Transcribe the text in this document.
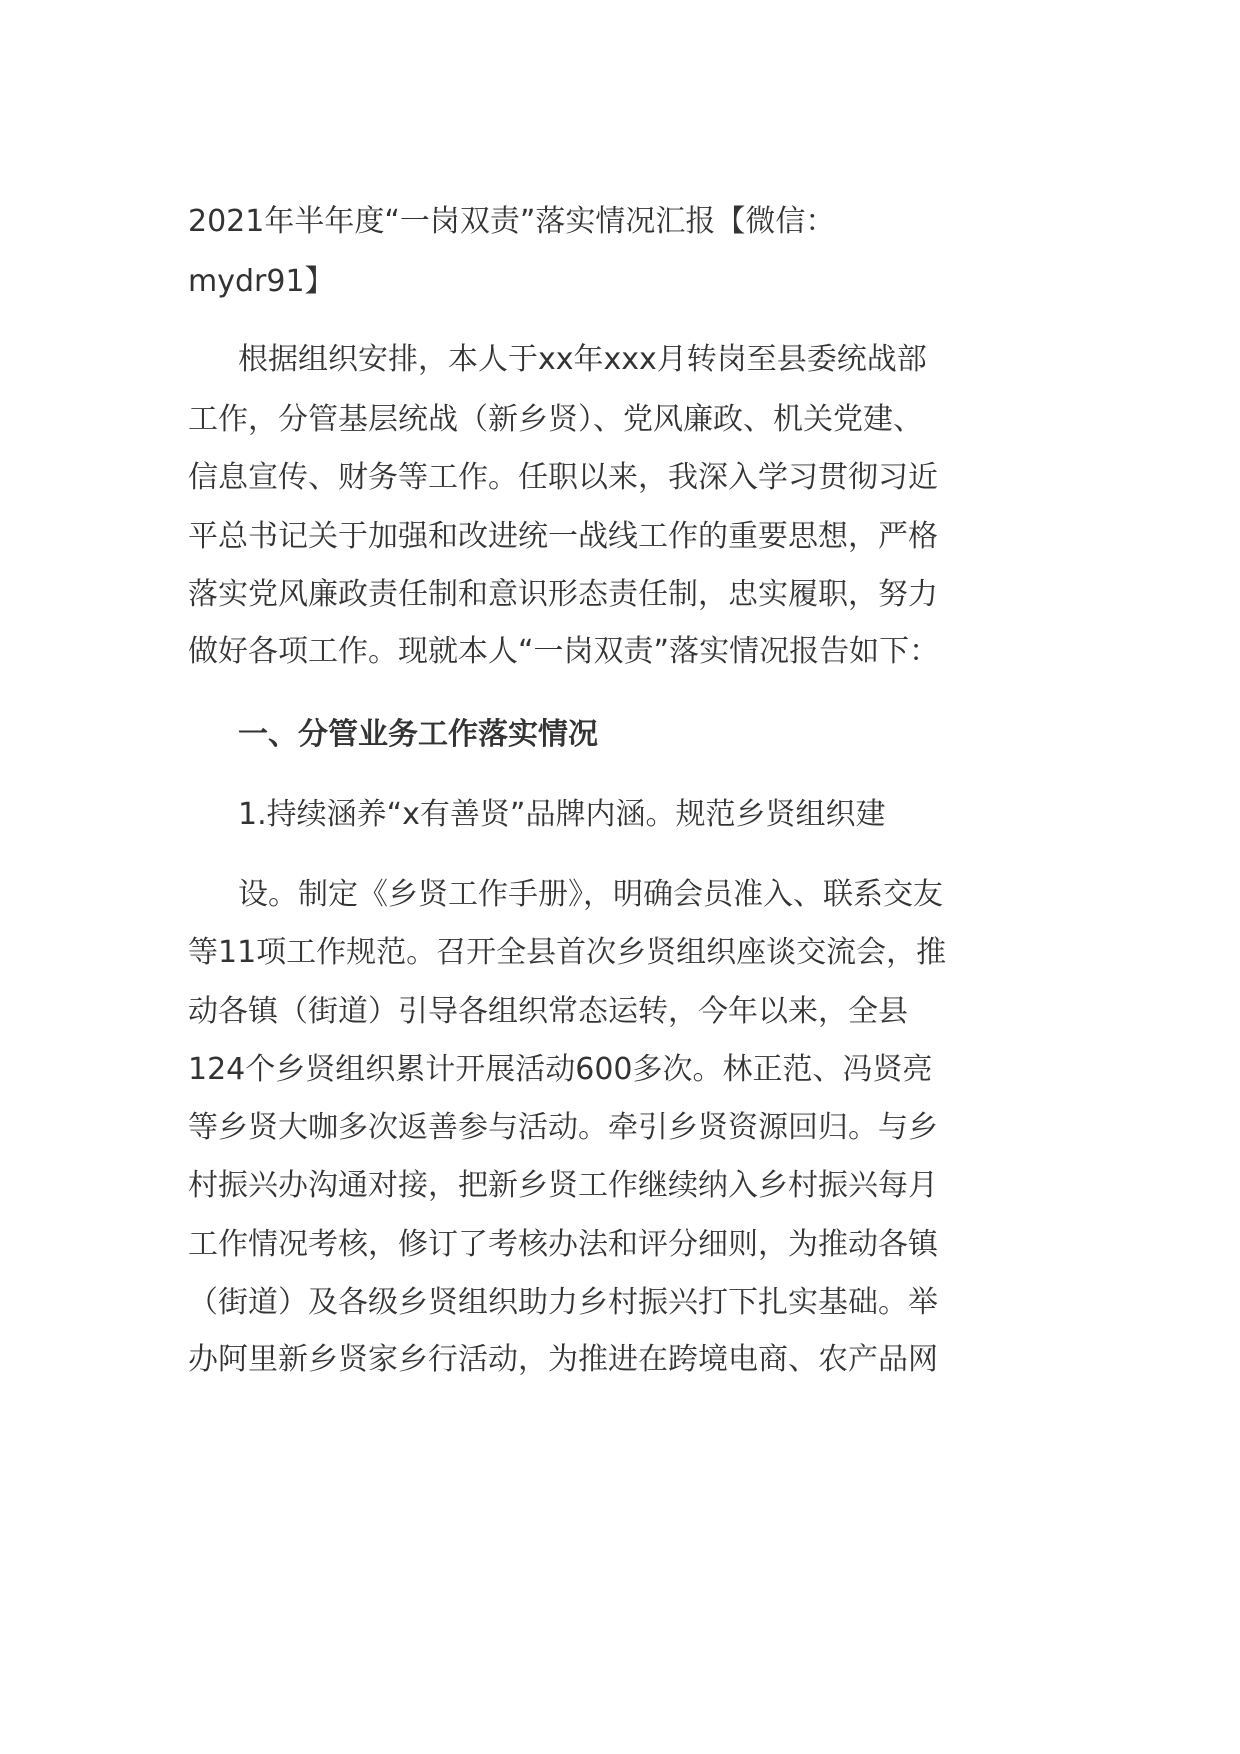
2021年半年度“一岗双责”落实情况汇报【微信：
mydr91】
根据组织安排，本人于xx年xxx月转岗至县委统战部
工作，分管基层统战（新乡贤）、党风廉政、机关党建、
信息宣传、财务等工作。任职以来，我深入学习贯彻习近
平总书记关于加强和改进统一战线工作的重要思想，严格
落实党风廉政责任制和意识形态责任制，忠实履职，努力
做好各项工作。现就本人“一岗双责”落实情况报告如下：
一、分管业务工作落实情况
1.持续涵养“x有善贤”品牌内涵。规范乡贤组织建
设。制定《乡贤工作手册》，明确会员准入、联系交友
等11项工作规范。召开全县首次乡贤组织座谈交流会，推
动各镇（街道）引导各组织常态运转，今年以来，全县
124个乡贤组织累计开展活动600多次。林正范、冯贤亮
等乡贤大咖多次返善参与活动。牵引乡贤资源回归。与乡
村振兴办沟通对接，把新乡贤工作继续纳入乡村振兴每月
工作情况考核，修订了考核办法和评分细则，为推动各镇
（街道）及各级乡贤组织助力乡村振兴打下扎实基础。举
办阿里新乡贤家乡行活动，为推进在跨境电商、农产品网
